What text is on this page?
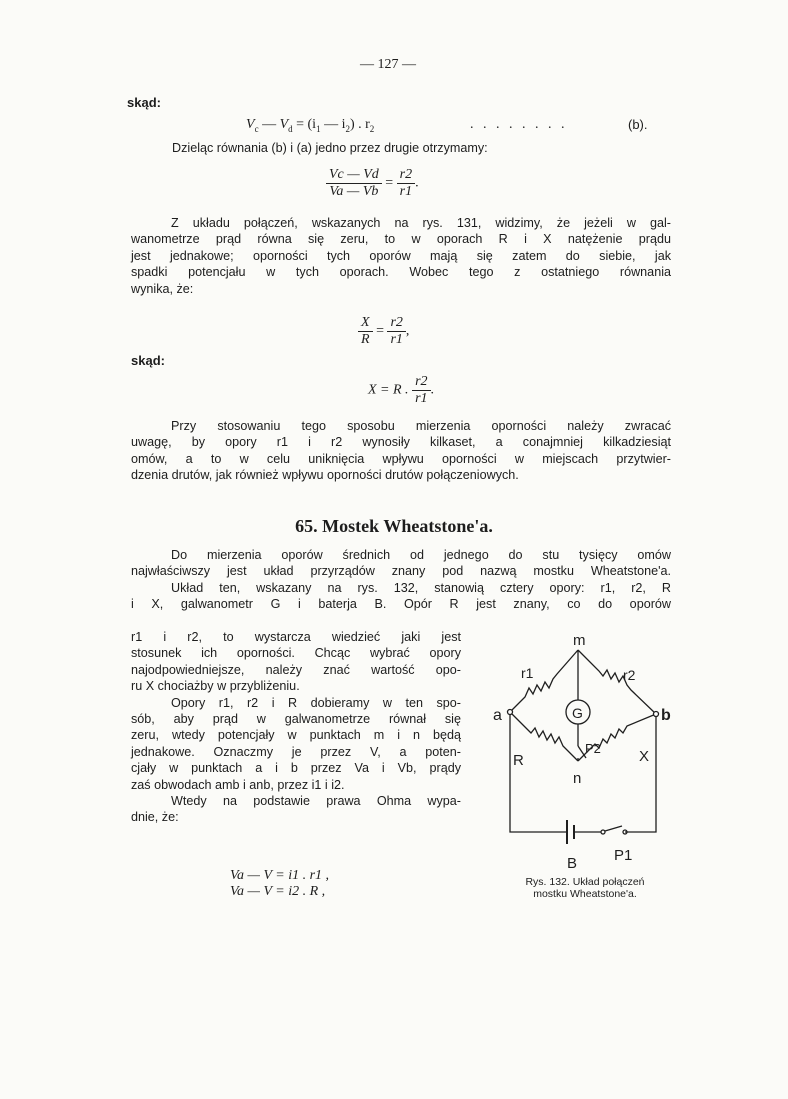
— 127 —
skąd:
$V_c$ — $V_d = (i_1$ — $i_2$) . $r_2$	. . . . . . . .	(b).
Dzieląc równania (b) i (a) jedno przez drugie otrzymamy:
$\frac{Vc — Vd}{Va — Vb} = \frac{r2}{r1}$ .
Z układu połączeń, wskazanych na rys. 131, widzimy, że jeżeli w gal-
wanometrze prąd równa się zeru, to w oporach R i X natężenie prądu
jest jednakowe; oporności tych oporów mają się zatem do siebie, jak
spadki potencjału w tych oporach. Wobec tego z ostatniego równania
wynika, że:
$\frac{X}{R} = \frac{r2}{r1}$ ,
skąd:
X = R . $\frac{r2}{r1}$ .
Przy stosowaniu tego sposobu mierzenia oporności należy zwracać
uwagę, by opory r1 i r2 wynosiły kilkaset, a conajmniej kilkadziesiąt
omów, a to w celu uniknięcia wpływu oporności w miejscach przytwier-
dzenia drutów, jak również wpływu oporności drutów połączeniowych.
65. Mostek Wheatstone'a.
Do mierzenia oporów średnich od jednego do stu tysięcy omów
najwłaściwszy jest układ przyrządów znany pod nazwą mostku Wheatstone'a.
Układ ten, wskazany na rys. 132, stanowią cztery opory: r1, r2, R
i X, galwanometr G i baterja B. Opór R jest znany, co do oporów
r1 i r2, to wystarcza wiedzieć jaki jest
stosunek ich oporności. Chcąc wybrać opory
najodpowiedniejsze, należy znać wartość opo-
ru X chociażby w przybliżeniu.
Opory r1, r2 i R dobieramy w ten spo-
sób, aby prąd w galwanometrze równał się
zeru, wtedy potencjały w punktach m i n będą
jednakowe. Oznaczmy je przez V, a poten-
cjały w punktach a i b przez Va i Vb, prądy
zaś obwodach amb i anb, przez i1 i i2.
Wtedy na podstawie prawa Ohma wypa-
dnie, że:
Va — V = i1 . r1 ,
Va — V = i2 . R ,
m
a	b
r1	r2
R	X
G
P2
n
B P1
Rys. 132. Układ połączeń
mostku Wheatstone'a.
